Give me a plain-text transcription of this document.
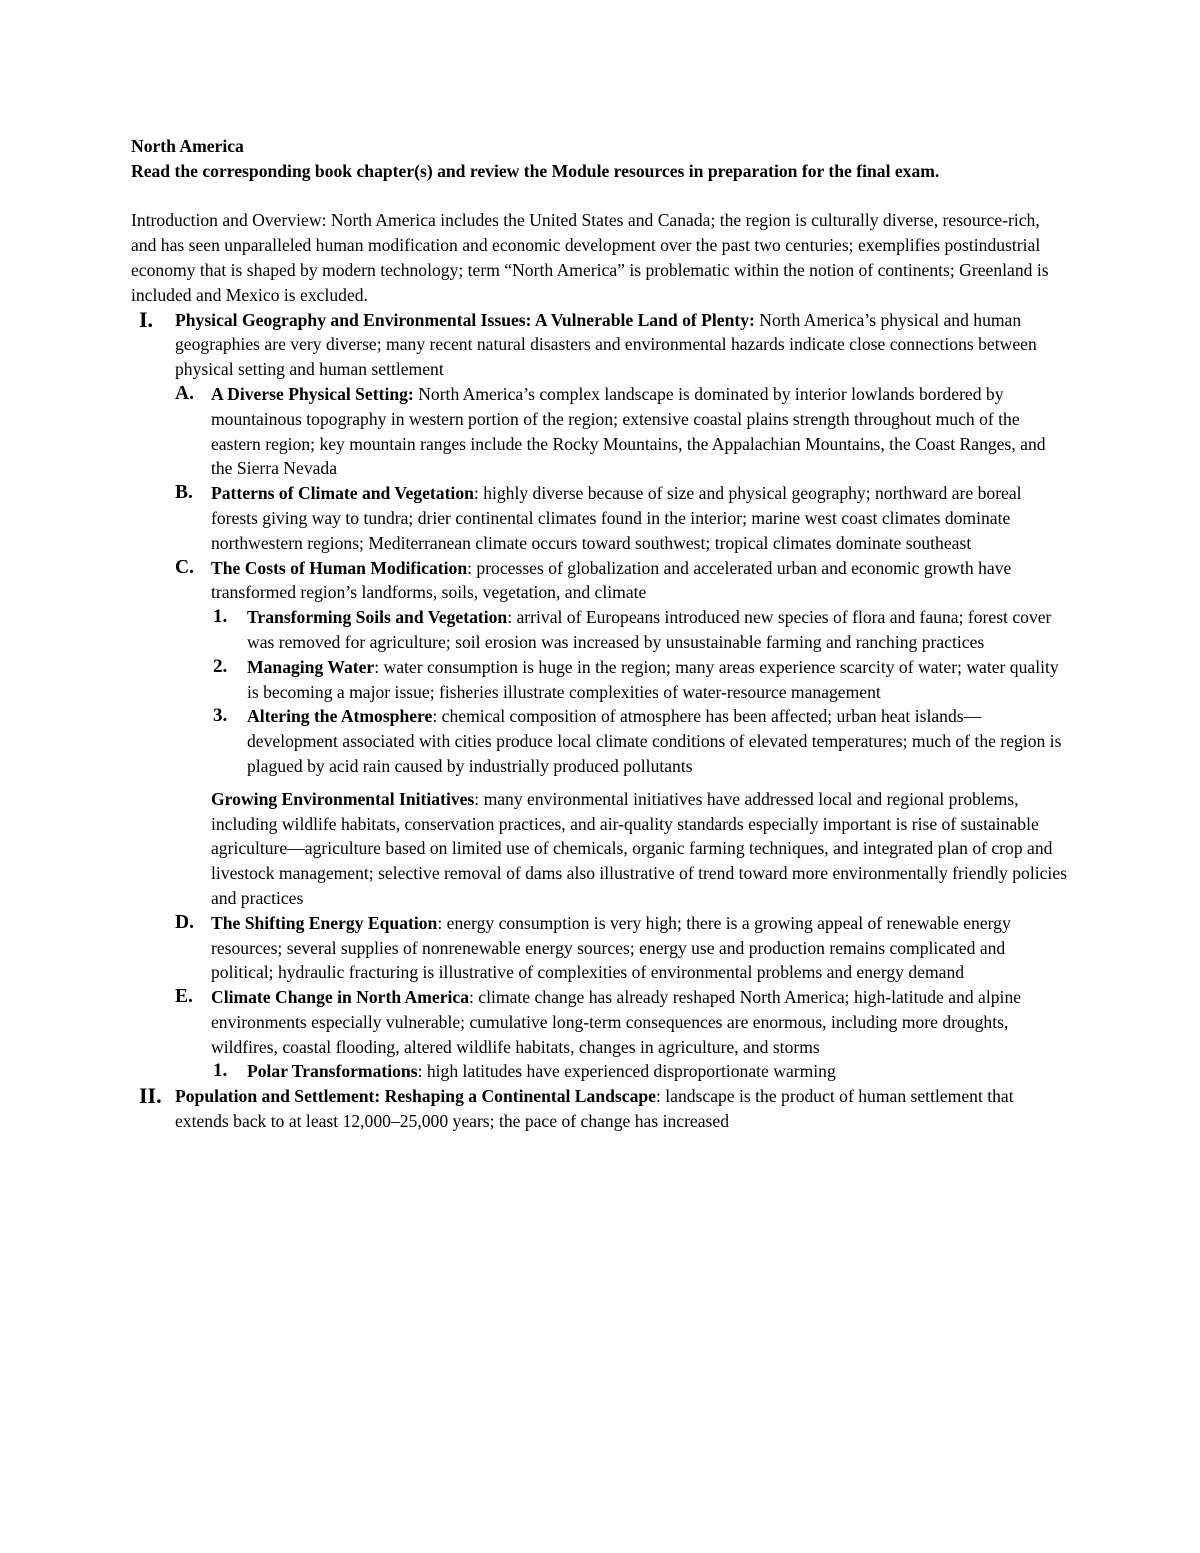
North America

Read the corresponding book chapter(s) and review the Module resources in preparation for the final exam.

Introduction and Overview: North America includes the United States and Canada; the region is culturally diverse, resource-rich, and has seen unparalleled human modification and economic development over the past two centuries; exemplifies postindustrial economy that is shaped by modern technology; term “North America” is problematic within the notion of continents; Greenland is included and Mexico is excluded.

I. Physical Geography and Environmental Issues: A Vulnerable Land of Plenty: North America’s physical and human geographies are very diverse; many recent natural disasters and environmental hazards indicate close connections between physical setting and human settlement
A. A Diverse Physical Setting: North America’s complex landscape is dominated by interior lowlands bordered by mountainous topography in western portion of the region; extensive coastal plains strength throughout much of the eastern region; key mountain ranges include the Rocky Mountains, the Appalachian Mountains, the Coast Ranges, and the Sierra Nevada
B. Patterns of Climate and Vegetation: highly diverse because of size and physical geography; northward are boreal forests giving way to tundra; drier continental climates found in the interior; marine west coast climates dominate northwestern regions; Mediterranean climate occurs toward southwest; tropical climates dominate southeast
C. The Costs of Human Modification: processes of globalization and accelerated urban and economic growth have transformed region’s landforms, soils, vegetation, and climate
1. Transforming Soils and Vegetation: arrival of Europeans introduced new species of flora and fauna; forest cover was removed for agriculture; soil erosion was increased by unsustainable farming and ranching practices
2. Managing Water: water consumption is huge in the region; many areas experience scarcity of water; water quality is becoming a major issue; fisheries illustrate complexities of water-resource management
3. Altering the Atmosphere: chemical composition of atmosphere has been affected; urban heat islands—development associated with cities produce local climate conditions of elevated temperatures; much of the region is plagued by acid rain caused by industrially produced pollutants
Growing Environmental Initiatives: many environmental initiatives have addressed local and regional problems, including wildlife habitats, conservation practices, and air-quality standards especially important is rise of sustainable agriculture—agriculture based on limited use of chemicals, organic farming techniques, and integrated plan of crop and livestock management; selective removal of dams also illustrative of trend toward more environmentally friendly policies and practices
D. The Shifting Energy Equation: energy consumption is very high; there is a growing appeal of renewable energy resources; several supplies of nonrenewable energy sources; energy use and production remains complicated and political; hydraulic fracturing is illustrative of complexities of environmental problems and energy demand
E. Climate Change in North America: climate change has already reshaped North America; high-latitude and alpine environments especially vulnerable; cumulative long-term consequences are enormous, including more droughts, wildfires, coastal flooding, altered wildlife habitats, changes in agriculture, and storms
1. Polar Transformations: high latitudes have experienced disproportionate warming
II. Population and Settlement: Reshaping a Continental Landscape: landscape is the product of human settlement that extends back to at least 12,000–25,000 years; the pace of change has increased
